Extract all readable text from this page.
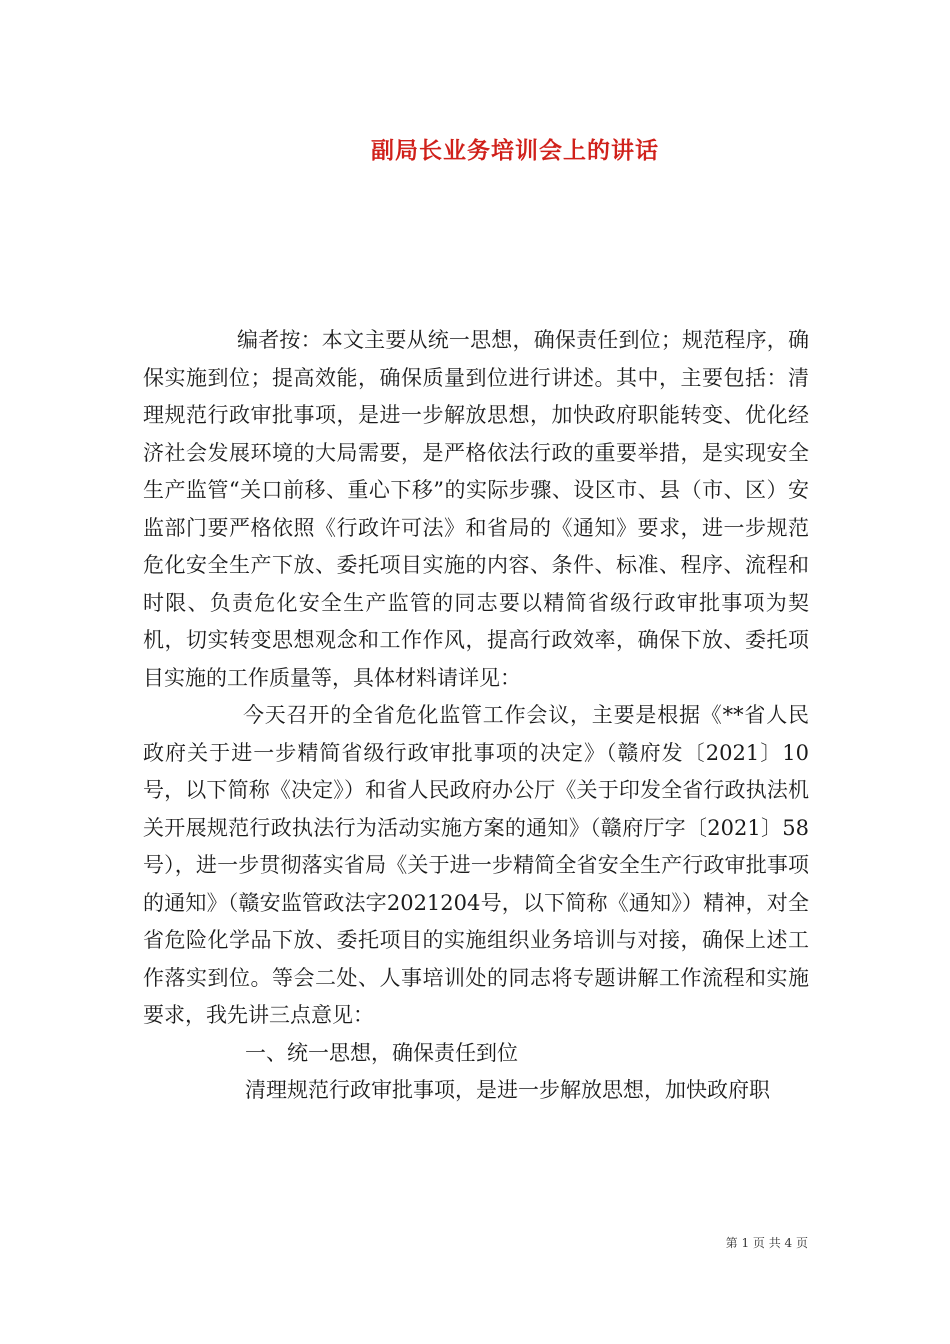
副局长业务培训会上的讲话

编者按：本文主要从统一思想，确保责任到位；规范程序，确保实施到位；提高效能，确保质量到位进行讲述。其中，主要包括：清理规范行政审批事项，是进一步解放思想，加快政府职能转变、优化经济社会发展环境的大局需要，是严格依法行政的重要举措，是实现安全生产监管“关口前移、重心下移”的实际步骤、设区市、县（市、区）安监部门要严格依照《行政许可法》和省局的《通知》要求，进一步规范危化安全生产下放、委托项目实施的内容、条件、标准、程序、流程和时限、负责危化安全生产监管的同志要以精简省级行政审批事项为契机，切实转变思想观念和工作作风，提高行政效率，确保下放、委托项目实施的工作质量等，具体材料请详见：

今天召开的全省危化监管工作会议，主要是根据《**省人民政府关于进一步精简省级行政审批事项的决定》（赣府发〔2021〕10号，以下简称《决定》）和省人民政府办公厅《关于印发全省行政执法机关开展规范行政执法行为活动实施方案的通知》（赣府厅字〔2021〕58号），进一步贯彻落实省局《关于进一步精简全省安全生产行政审批事项的通知》（赣安监管政法字2021204号，以下简称《通知》）精神，对全省危险化学品下放、委托项目的实施组织业务培训与对接，确保上述工作落实到位。等会二处、人事培训处的同志将专题讲解工作流程和实施要求，我先讲三点意见：

一、统一思想，确保责任到位

清理规范行政审批事项，是进一步解放思想，加快政府职

第 1 页 共 4 页
